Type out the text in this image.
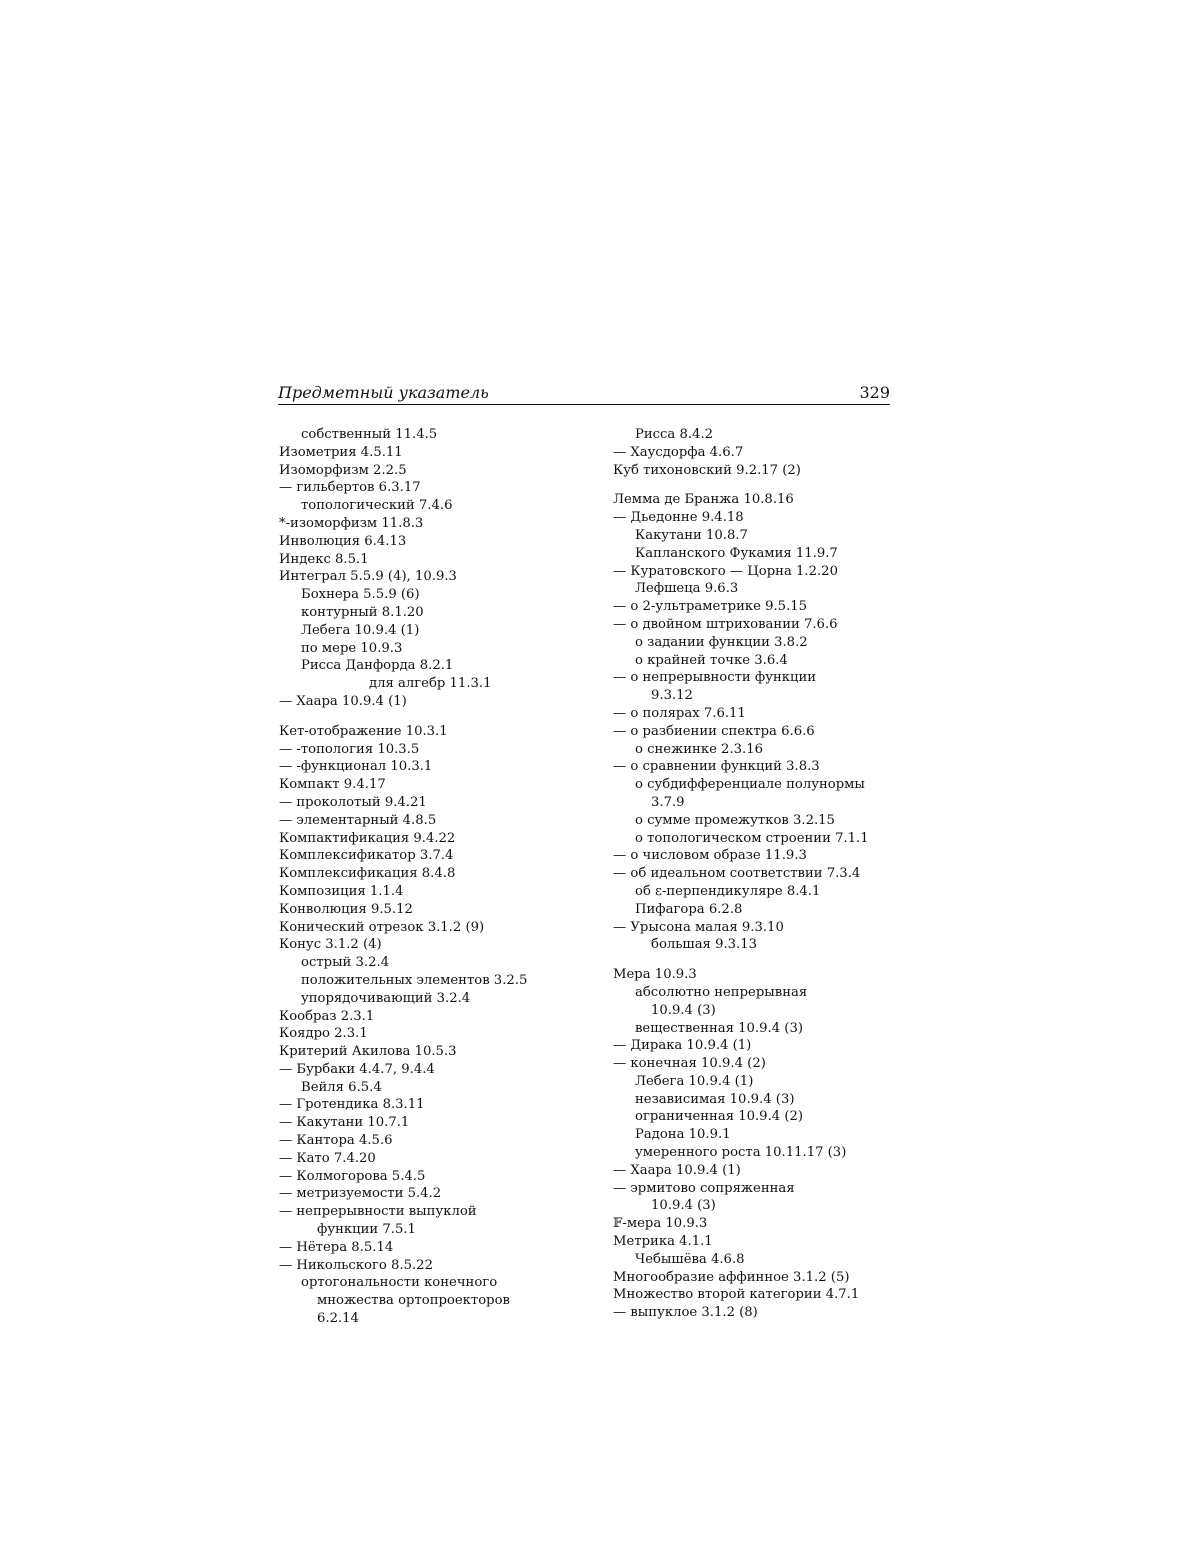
Предметный указатель	329
собственный 11.4.5
Изометрия 4.5.11
Изоморфизм 2.2.5
— гильбертов 6.3.17
топологический 7.4.6
*-изоморфизм 11.8.3
Инволюция 6.4.13
Индекс 8.5.1
Интеграл 5.5.9 (4), 10.9.3
Бохнера 5.5.9 (6)
контурный 8.1.20
Лебега 10.9.4 (1)
по мере 10.9.3
Рисса Данфорда 8.2.1
для алгебр 11.3.1
— Хаара 10.9.4 (1)
Кет-отображение 10.3.1
— -топология 10.3.5
— -функционал 10.3.1
Компакт 9.4.17
— проколотый 9.4.21
— элементарный 4.8.5
Компактификация 9.4.22
Комплексификатор 3.7.4
Комплексификация 8.4.8
Композиция 1.1.4
Конволюция 9.5.12
Конический отрезок 3.1.2 (9)
Конус 3.1.2 (4)
острый 3.2.4
положительных элементов 3.2.5
упорядочивающий 3.2.4
Кообраз 2.3.1
Коядро 2.3.1
Критерий Акилова 10.5.3
— Бурбаки 4.4.7, 9.4.4
Вейля 6.5.4
— Гротендика 8.3.11
— Какутани 10.7.1
— Кантора 4.5.6
— Като 7.4.20
— Колмогорова 5.4.5
— метризуемости 5.4.2
— непрерывности выпуклой
функции 7.5.1
— Нётера 8.5.14
— Никольского 8.5.22
ортогональности конечного
множества ортопроекторов
6.2.14
Рисса 8.4.2
— Хаусдорфа 4.6.7
Куб тихоновский 9.2.17 (2)
Лемма де Бранжа 10.8.16
— Дьедонне 9.4.18
Какутани 10.8.7
Капланского Фукамия 11.9.7
— Куратовского — Цорна 1.2.20
Лефшеца 9.6.3
— о 2-ультраметрике 9.5.15
— о двойном штриховании 7.6.6
о задании функции 3.8.2
о крайней точке 3.6.4
— о непрерывности функции
9.3.12
— о полярах 7.6.11
— о разбиении спектра 6.6.6
о снежинке 2.3.16
— о сравнении функций 3.8.3
о субдифференциале полунормы
3.7.9
о сумме промежутков 3.2.15
о топологическом строении 7.1.1
— о числовом образе 11.9.3
— об идеальном соответствии 7.3.4
об ε-перпендикуляре 8.4.1
Пифагора 6.2.8
— Урысона малая 9.3.10
большая 9.3.13
Мера 10.9.3
абсолютно непрерывная
10.9.4 (3)
вещественная 10.9.4 (3)
— Дирака 10.9.4 (1)
— конечная 10.9.4 (2)
Лебега 10.9.4 (1)
независимая 10.9.4 (3)
ограниченная 10.9.4 (2)
Радона 10.9.1
умеренного роста 10.11.17 (3)
— Хаара 10.9.4 (1)
— эрмитово сопряженная
10.9.4 (3)
𝔽-мера 10.9.3
Метрика 4.1.1
Чебышёва 4.6.8
Многообразие аффинное 3.1.2 (5)
Множество второй категории 4.7.1
— выпуклое 3.1.2 (8)
